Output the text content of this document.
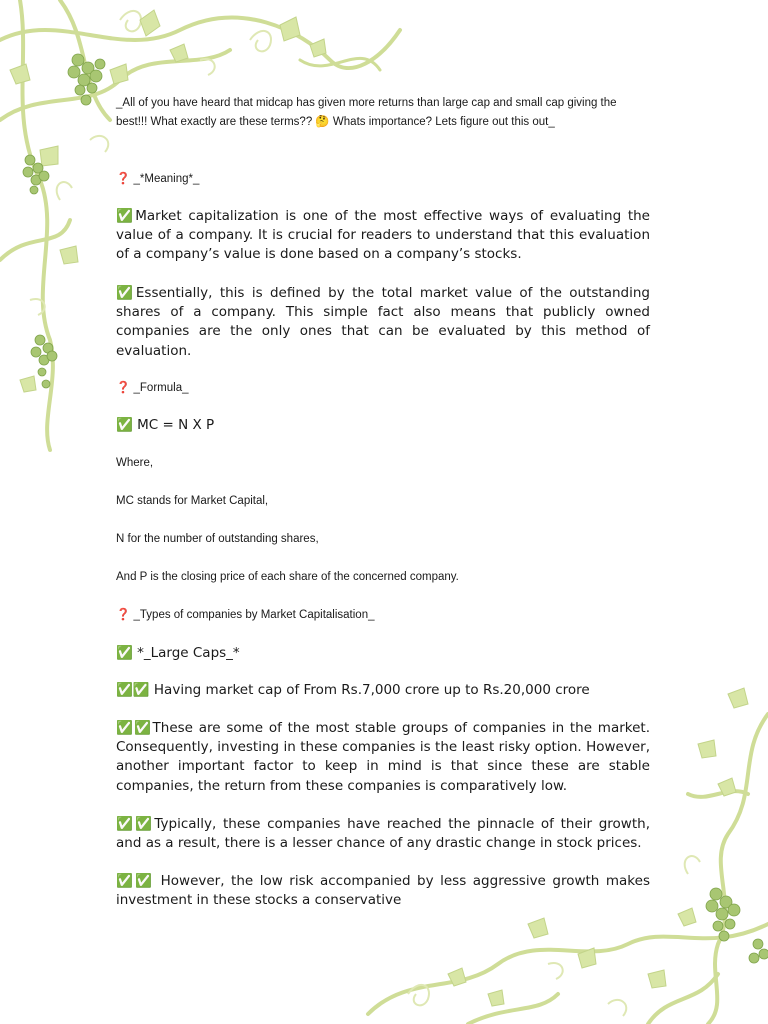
_All of you have heard that midcap has given more returns than large cap and small cap giving the best!!! What exactly are these terms?? 🤔 Whats importance? Lets figure out this out_

❓ _*Meaning*_

✅Market capitalization is one of the most effective ways of evaluating the value of a company. It is crucial for readers to understand that this evaluation of a company’s value is done based on a company’s stocks.

✅Essentially, this is defined by the total market value of the outstanding shares of a company. This simple fact also means that publicly owned companies are the only ones that can be evaluated by this method of evaluation.

❓ _Formula_

✅ MC = N X P

Where,

MC stands for Market Capital,

N for the number of outstanding shares,

And P is the closing price of each share of the concerned company.

❓ _Types of companies by Market Capitalisation_

✅ *_Large Caps_*

✅✅ Having market cap of From Rs.7,000 crore up to Rs.20,000 crore

✅✅These are some of the most stable groups of companies in the market. Consequently, investing in these companies is the least risky option. However, another important factor to keep in mind is that since these are stable companies, the return from these companies is comparatively low.

✅✅Typically, these companies have reached the pinnacle of their growth, and as a result, there is a lesser chance of any drastic change in stock prices.

✅✅ However, the low risk accompanied by less aggressive growth makes investment in these stocks a conservative
